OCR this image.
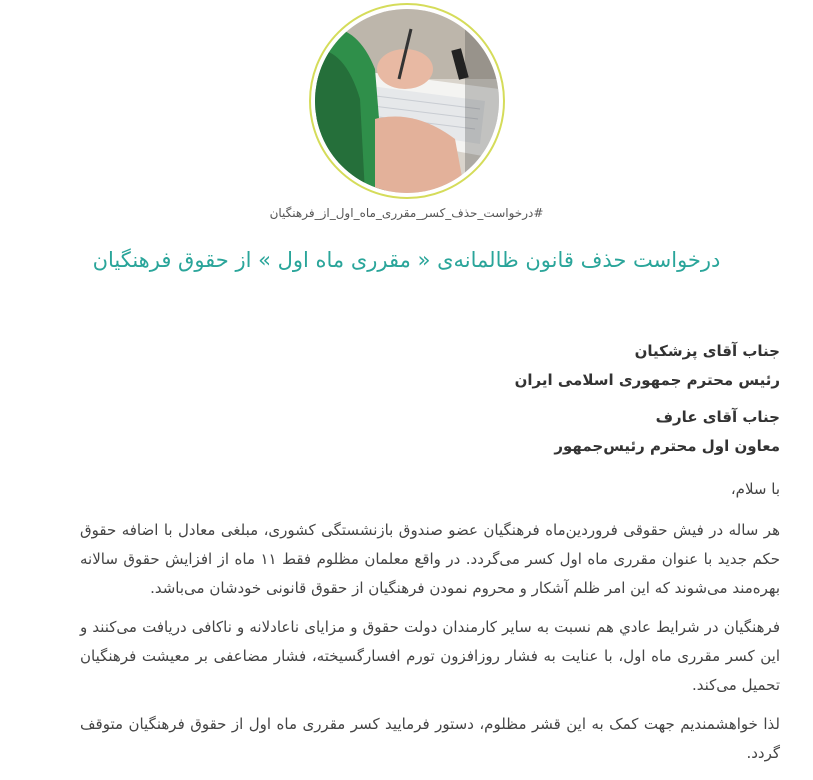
#درخواست_حذف_کسر_مقرری_ماه_اول_از_فرهنگیان
درخواست حذف قانون ظالمانه‌ی « مقرری ماه اول » از حقوق فرهنگیان
جناب آقای پزشکیان
رئیس محترم جمهوری اسلامی ایران
جناب آقای عارف
معاون اول محترم رئیس‌جمهور
با سلام،

هر ساله در فیش حقوقی فروردین‌ماه فرهنگیان عضو صندوق بازنشستگی کشوری، مبلغی معادل با اضافه حقوق حکم جدید با عنوان مقرری ماه اول کسر می‌گردد. در واقع معلمان مظلوم فقط ۱۱ ماه از افزایش حقوق سالانه بهره‌مند می‌شوند که این امر ظلم آشکار و محروم نمودن فرهنگیان از حقوق قانونی خودشان می‌باشد.

فرهنگیان در شرایط عادي هم نسبت به سایر کارمندان دولت حقوق و مزایای ناعادلانه و ناکافی دریافت می‌کنند و این کسر مقرری ماه اول، با عنایت به فشار روزافزون تورم افسارگسیخته، فشار مضاعفی بر معیشت فرهنگیان تحمیل می‌کند.

لذا خواهشمندیم جهت کمک به این قشر مظلوم، دستور فرمایید کسر مقرری ماه اول از حقوق فرهنگیان متوقف گردد.
